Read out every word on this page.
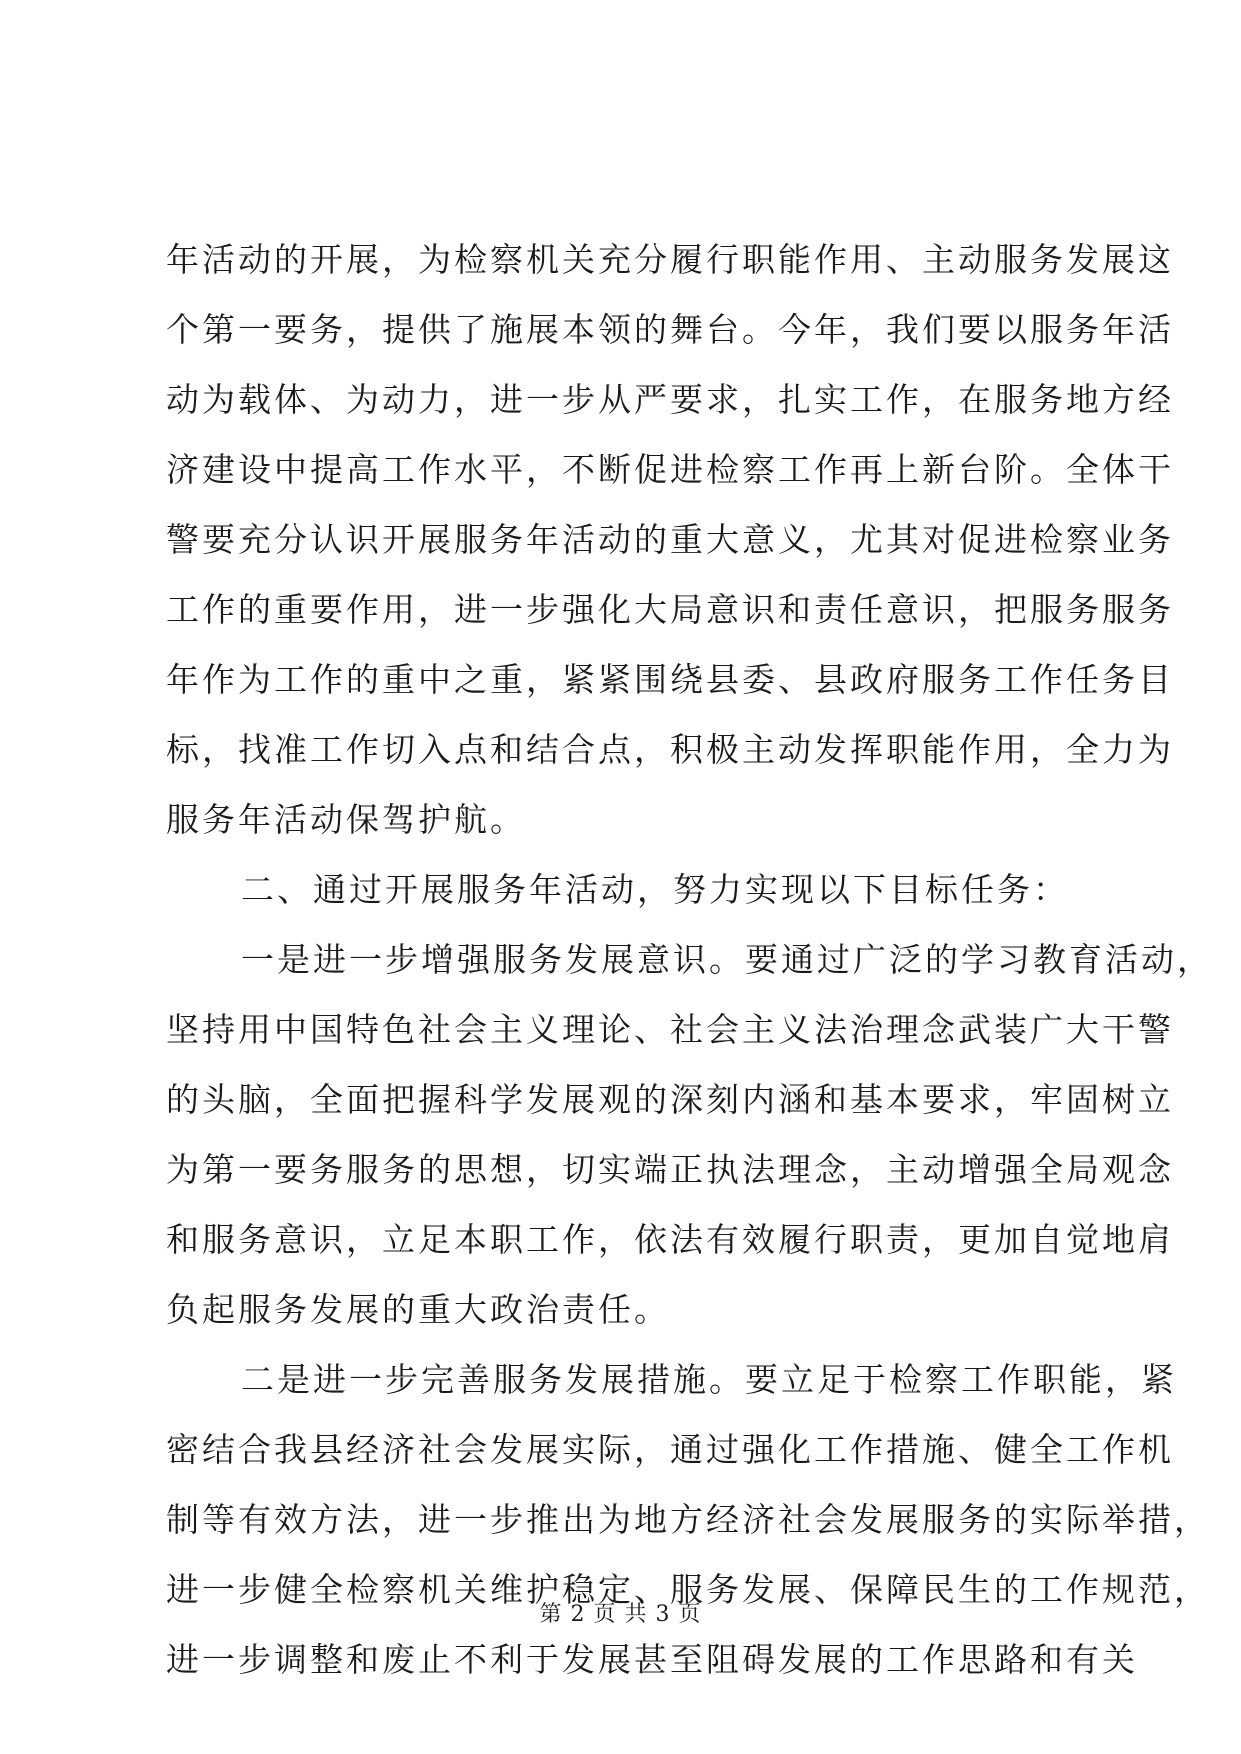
年活动的开展，为检察机关充分履行职能作用、主动服务发展这
个第一要务，提供了施展本领的舞台。今年，我们要以服务年活
动为载体、为动力，进一步从严要求，扎实工作，在服务地方经
济建设中提高工作水平，不断促进检察工作再上新台阶。全体干
警要充分认识开展服务年活动的重大意义，尤其对促进检察业务
工作的重要作用，进一步强化大局意识和责任意识，把服务服务
年作为工作的重中之重，紧紧围绕县委、县政府服务工作任务目
标，找准工作切入点和结合点，积极主动发挥职能作用，全力为
服务年活动保驾护航。
二、通过开展服务年活动，努力实现以下目标任务：
一是进一步增强服务发展意识。要通过广泛的学习教育活动，
坚持用中国特色社会主义理论、社会主义法治理念武装广大干警
的头脑，全面把握科学发展观的深刻内涵和基本要求，牢固树立
为第一要务服务的思想，切实端正执法理念，主动增强全局观念
和服务意识，立足本职工作，依法有效履行职责，更加自觉地肩
负起服务发展的重大政治责任。
二是进一步完善服务发展措施。要立足于检察工作职能，紧
密结合我县经济社会发展实际，通过强化工作措施、健全工作机
制等有效方法，进一步推出为地方经济社会发展服务的实际举措，
进一步健全检察机关维护稳定、服务发展、保障民生的工作规范，
进一步调整和废止不利于发展甚至阻碍发展的工作思路和有关
第 2 页 共 3 页
